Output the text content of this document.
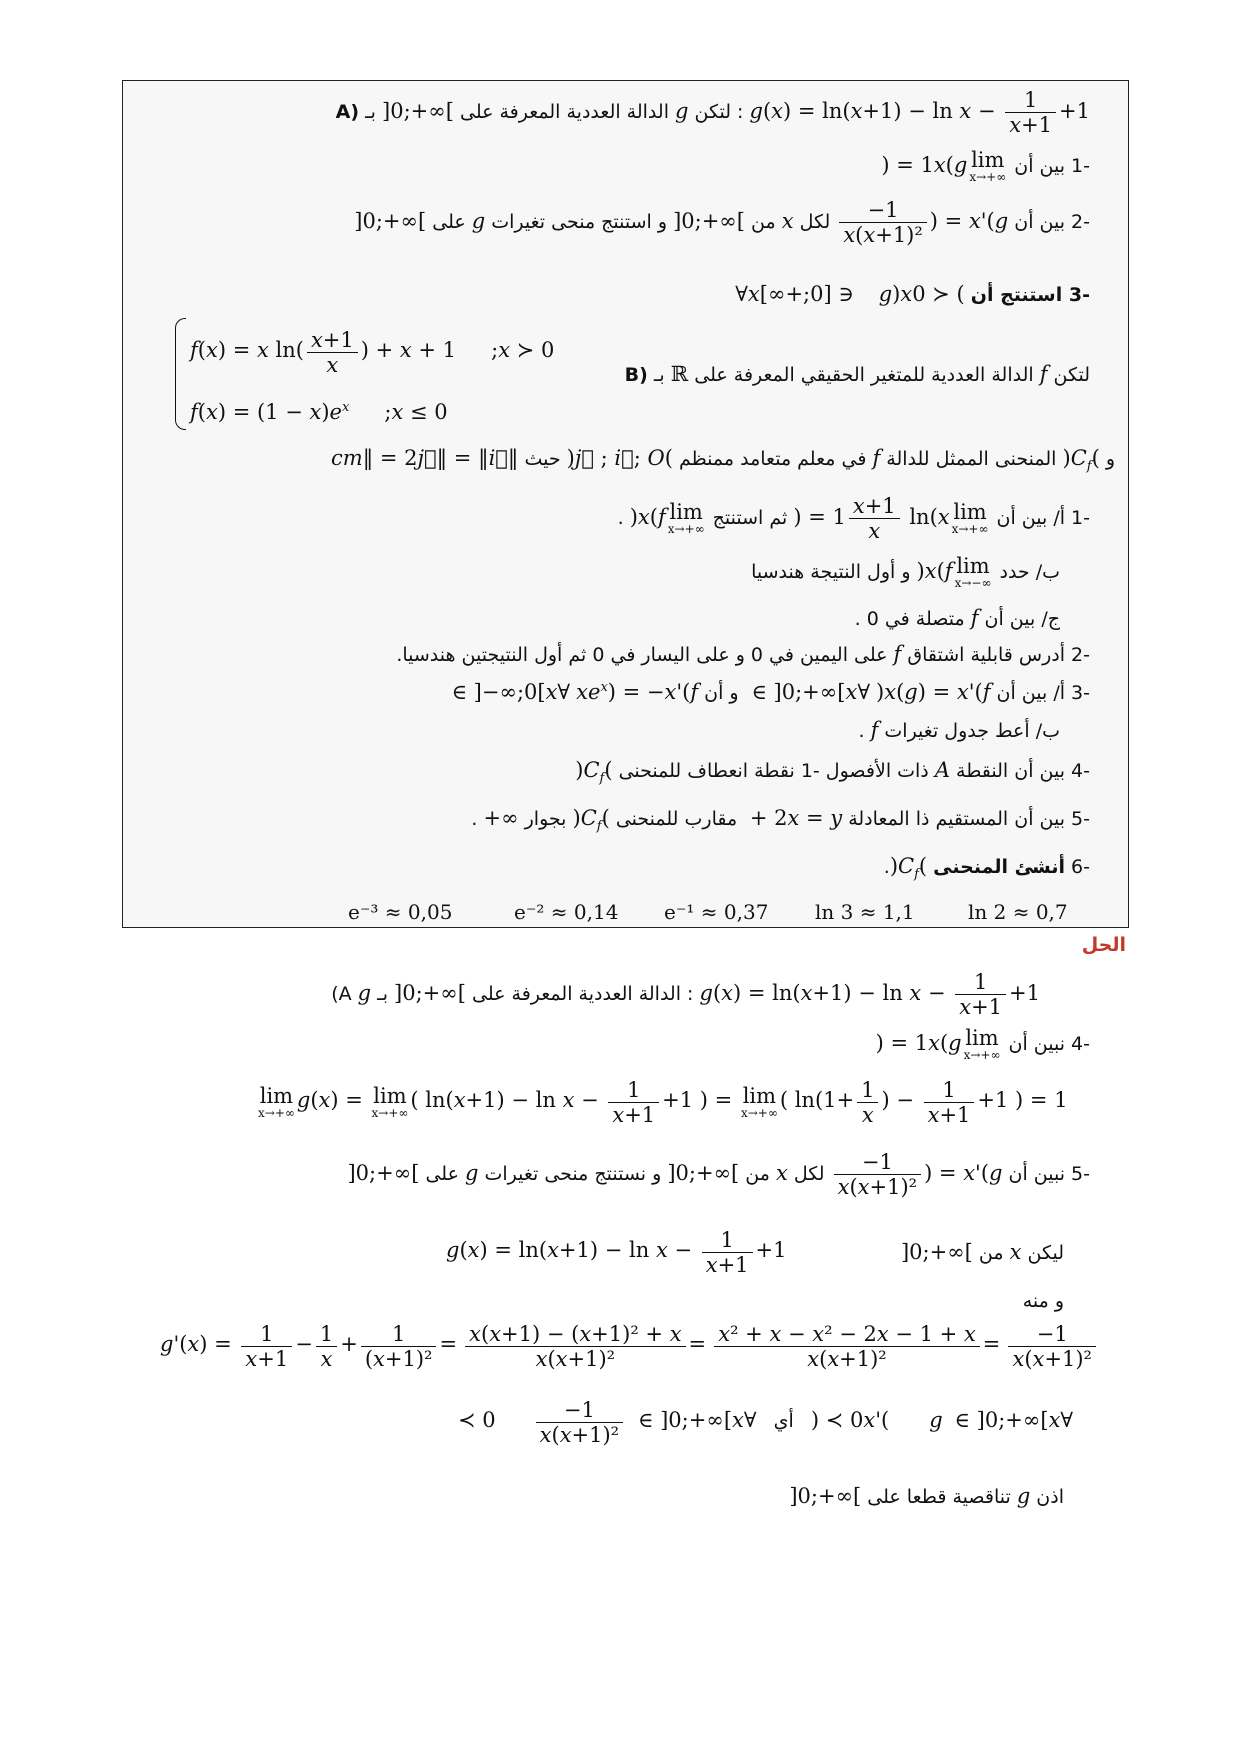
A) لتكن g الدالة العددية المعرفة على ]0;+∞[ بـ : $g(x) = \ln(x+1) - \ln x - \frac{1}{x+1} +1$
-1 بين أن
lim
x→+∞
g(x) = 1
-2 بين أن g'(x) =
$\frac{-1}{\text{x(x+1)²}}$
لكل x من ]0;+∞[ و استنتج منحى تغيرات g على ]0;+∞[
-3 استنتج أن 0 ≻ (x)g   [∞+;0] ∋ x∀
B) لتكن f الدالة العددية للمتغير الحقيقي المعرفة على ℝ بـ
f(x) = x $\ln( \frac{x+1}{x}$ ) + x + 1 ;x ≻ 0
$f(x) = (1 - x)e^x$ ;x ≤ 0
و $(C_f)$ المنحنى الممثل للدالة f في معلم متعامد ممنظم (O; i⃗ ; j⃗) حيث ‖i⃗‖ = ‖j⃗‖ = 2cm
-1 أ/ بين أن
lim
x→+∞
x ln(
$\frac{x+1}{x}$
) = 1 ثم استنتج
lim
x→+∞
f(x) .
ب/ حدد
lim
x→−∞
f(x) و أول النتيجة هندسيا
ج/ بين أن f متصلة في 0 .
-2 أدرس قابلية اشتقاق f على اليمين في 0 و على اليسار في 0 ثم أول النتيجتين هندسيا.
-3 أ/ بين أن f'(x) = g(x) ∀x ∈ ]0;+∞[ و أن $f'(x) = -xe^x$ ∀x ∈ ]−∞;0[
ب/ أعط جدول تغيرات f .
-4 بين أن النقطة A ذات الأفصول -1 نقطة انعطاف للمنحنى $(C_f)$
-5 بين أن المستقيم ذا المعادلة y = x + 2 مقارب للمنحنى $(C_f)$ بجوار +∞ .
-6 أنشئ المنحنى $(C_f)$.
e⁻³ ≈ 0,05	e⁻² ≈ 0,14 e⁻¹ ≈ 0,37 ln 3 ≈ 1,1	ln 2 ≈ 0,7
الحل
(A g الدالة العددية المعرفة على ]0;+∞[ بـ : $g(x) = \ln(x+1) - \ln x - \frac{1}{x+1} +1$
-4 نبين أن
lim
x→+∞
g(x) = 1
lim
x→+∞
g(x) = lim
x→+∞
( $\ln(x+1) - \ln x - \frac{1}{x+1} +1$ ) = lim
x→+∞
( $\ln(1+ \frac{1}{x}$ ) − $\frac{1}{x+1} +1$ ) = 1
-5 نبين أن g'(x) =
$\frac{-1}{\text{x(x+1)²}}$
لكل x من ]0;+∞[ و نستنتج منحى تغيرات g على ]0;+∞[
ليكن x من ]0;+∞[
$g(x) = \ln(x+1) - \ln x - \frac{1}{x+1} +1$
و منه
$g'(x) = \frac{1}{x+1} - \frac{1}{x} + \frac{1}{\text{(x+1)²}} = \frac{\text{x(x+1) − (x+1)² + x}}{\text{x(x+1)²}} = \frac{\text{x² + x − x² − 2x − 1 + x}}{\text{x(x+1)²}} = \frac{-1}{\text{x(x+1)²}}$
∀x ∈ ]0;+∞[ g'(x) ≺ 0 أي ∀x ∈ ]0;+∞[
$\frac{-1}{\text{x(x+1)²}}$
≺ 0
اذن g تناقصية قطعا على ]0;+∞[
